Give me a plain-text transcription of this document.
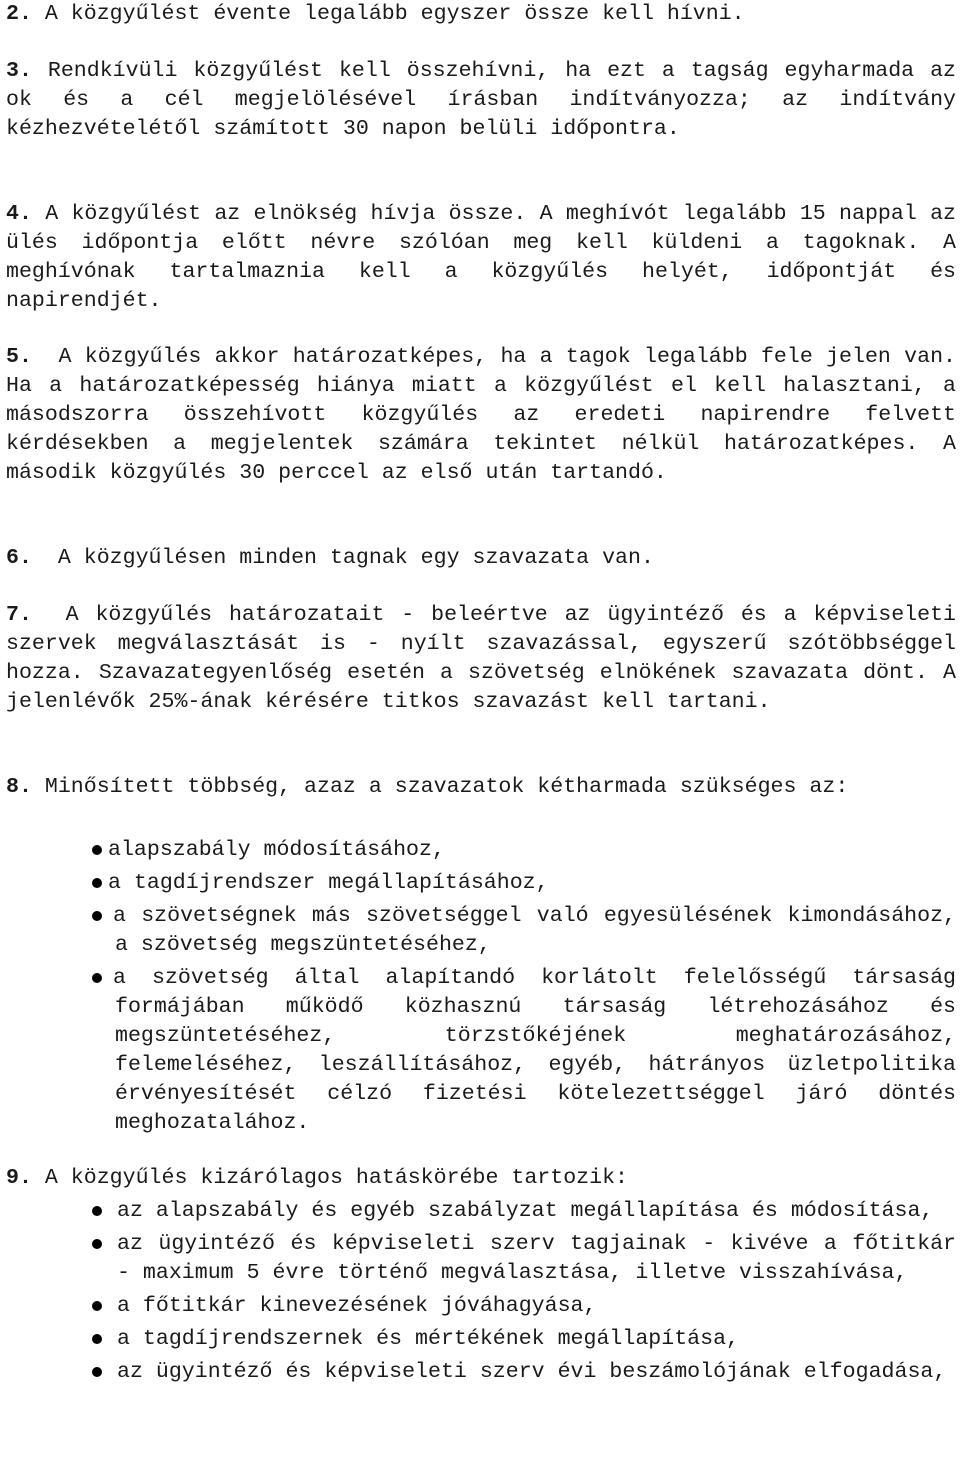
2. A közgyűlést évente legalább egyszer össze kell hívni.

3. Rendkívüli közgyűlést kell összehívni, ha ezt a tagság egyharmada az ok és a cél megjelölésével írásban indítványozza; az indítvány kézhezvételétől számított 30 napon belüli időpontra.

4. A közgyűlést az elnökség hívja össze. A meghívót legalább 15 nappal az ülés időpontja előtt névre szólóan meg kell küldeni a tagoknak. A meghívónak tartalmaznia kell a közgyűlés helyét, időpontját és napirendjét.

5. A közgyűlés akkor határozatképes, ha a tagok legalább fele jelen van. Ha a határozatképesség hiánya miatt a közgyűlést el kell halasztani, a másodszorra összehívott közgyűlés az eredeti napirendre felvett kérdésekben a megjelentek számára tekintet nélkül határozatképes. A második közgyűlés 30 perccel az első után tartandó.

6. A közgyűlésen minden tagnak egy szavazata van.

7. A közgyűlés határozatait - beleértve az ügyintéző és a képviseleti szervek megválasztását is - nyílt szavazással, egyszerű szótöbbséggel hozza. Szavazategyenlőség esetén a szövetség elnökének szavazata dönt. A jelenlévők 25%-ának kérésére titkos szavazást kell tartani.

8. Minősített többség, azaz a szavazatok kétharmada szükséges az:

alapszabály módosításához,
a tagdíjrendszer megállapításához,
a szövetségnek más szövetséggel való egyesülésének kimondásához, a szövetség megszüntetéséhez,
a szövetség által alapítandó korlátolt felelősségű társaság formájában működő közhasznú társaság létrehozásához és megszüntetéséhez, törzstőkéjének meghatározásához, felemeléséhez, leszállításához, egyéb, hátrányos üzletpolitika érvényesítését célzó fizetési kötelezettséggel járó döntés meghozatalához.

9. A közgyűlés kizárólagos hatáskörébe tartozik:

az alapszabály és egyéb szabályzat megállapítása és módosítása,
az ügyintéző és képviseleti szerv tagjainak - kivéve a főtitkár - maximum 5 évre történő megválasztása, illetve visszahívása,
a főtitkár kinevezésének jóváhagyása,
a tagdíjrendszernek és mértékének megállapítása,
az ügyintéző és képviseleti szerv évi beszámolójának elfogadása,
